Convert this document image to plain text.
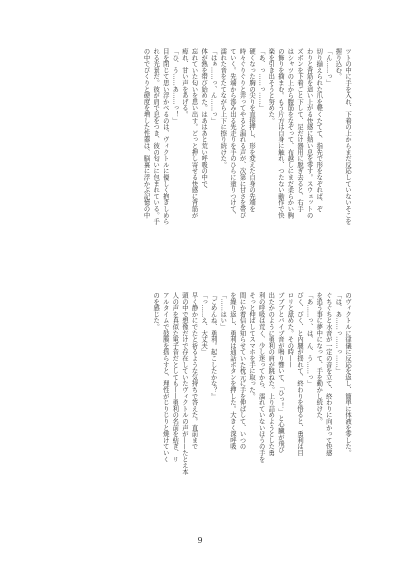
ツトの中に手を入れ、下着の上からまだ反応していないそこを
握り込む。
「ん……っ」
切り揃えられた爪を軽くたてて、指先で形をなぞれば、ぞ
わりと背筋を這い上がる快感に熱い息を零す。スウェットの
ズボンを下着ごと下して、足だけ器用に脱ぎ去ると、右手
はシャツの上から腹筋をなぞって、布越しにまだ柔らかい胸
の飾りを摘まむ。もう片方は自身に触れ、つたない動作で快
楽を引き出そうと努めた。
「あ、っ……っ……」
硬くなった胸の尖りを直接押し、形を変えた自身の先端を
時々ぐりぐりと弄ってやると漏れる声が、次第に甘さを帯び
ていく。先端から滲み出る先走りを手のひらに塗りつけて、
濡れた音をたてながら上下に擦り続けた。
「はぁ……っ、ん……っ」
体が熱を帯び始めた。はあはあと荒い呼吸の中で、
忘れていた匂いを思い出す。どっと押し寄せる快感に背筋が
痺れ、甘い声をあげる。
「ひ、う……あ……っ！」
目を閉じて思い浮かべるのは、ヴィクトルに優しく抱きしめら
れる光景だ。彼が肩で息をつき、彼の匂いに包まれている。手
の中でびくりと硬度を増した性器は、脳裏に浮かぶ記憶の中
のヴィクトルに律儀に反応を返し、簡単に体液を零した。
「は、あ……っ……っ……」
ぐちぐちと水音が一定の音を立て、終わりに向かって快感
を追う事に夢中になって、手を動かし続けた。
「あ……っ、は、ん、う……っ」
びく、びく、と内腿が揺れて、終わりを悟ると、勇利は目
ロリと舐めた。その時——
ブブブとバイブ音が鳴り響いて、「ひっ！」と心臓が飛び
出たかのように勇利の肩が跳ねた。上り詰めようとした勇
利の呼吸は荒く、少し迷ってから、濡れていないほうの手を
そっと伸ばしてスマホを手に取った。
間にか着信を知らせていた枕元に手を伸ばして、いつの
を繰り返し、勇利は通話ボタンを押した。大きく深呼吸
「……はい」
『ごめんね、勇利。起こしたかな？』
「っ……え、大丈夫」
早く静かにでたと祈るような気持ちで答えた。直前まで
頭の中で想像だけで存在していたヴィクトルの声が——たとえ本
人の声を真似た電子音だとしても——勇利の名前を紡ぎ、リ
アルタイムで鼓膜を揺らすと、理性がじりじりと焼けていく
のを感じた。
9
